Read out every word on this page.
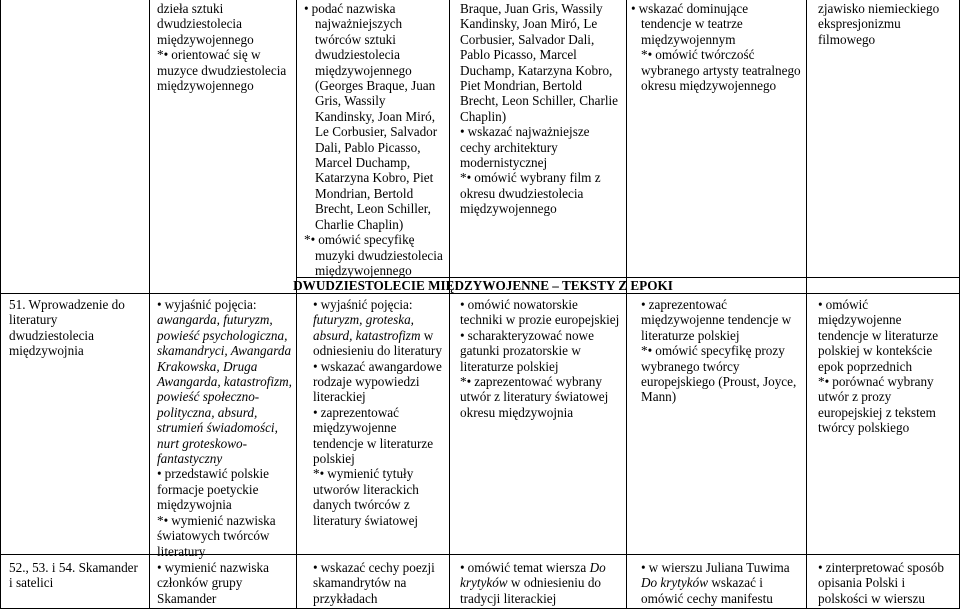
dzieła sztuki

dwudziestolecia

międzywojennego

*• orientować się w

muzyce dwudziestolecia

międzywojennego

• podać nazwiska

najważniejszych

twórców sztuki

dwudziestolecia

międzywojennego

(Georges Braque, Juan

Gris, Wassily

Kandinsky, Joan Miró,

Le Corbusier, Salvador

Dali, Pablo Picasso,

Marcel Duchamp,

Katarzyna Kobro, Piet

Mondrian, Bertold

Brecht, Leon Schiller,

Charlie Chaplin)

*• omówić specyfikę

muzyki dwudziestolecia

międzywojennego

Braque, Juan Gris, Wassily

Kandinsky, Joan Miró, Le

Corbusier, Salvador Dali,

Pablo Picasso, Marcel

Duchamp, Katarzyna Kobro,

Piet Mondrian, Bertold

Brecht, Leon Schiller, Charlie

Chaplin)

• wskazać najważniejsze

cechy architektury

modernistycznej

*• omówić wybrany film z

okresu dwudziestolecia

międzywojennego

• wskazać dominujące

tendencje w teatrze

międzywojennym

*• omówić twórczość

wybranego artysty teatralnego

okresu międzywojennego

zjawisko niemieckiego

ekspresjonizmu

filmowego

DWUDZIESTOLECIE MIĘDZYWOJENNE – TEKSTY Z EPOKI

51. Wprowadzenie do

literatury

dwudziestolecia

międzywojnia

• wyjaśnić pojęcia:

awangarda, futuryzm,

powieść psychologiczna,

skamandryci, Awangarda

Krakowska, Druga

Awangarda, katastrofizm,

powieść społeczno-

polityczna, absurd,

strumień świadomości,

nurt groteskowo-

fantastyczny

• przedstawić polskie

formacje poetyckie

międzywojnia

*• wymienić nazwiska

światowych twórców

literatury

• wyjaśnić pojęcia:

futuryzm, groteska,

absurd, katastrofizm w

odniesieniu do literatury

• wskazać awangardowe

rodzaje wypowiedzi

literackiej

• zaprezentować

międzywojenne

tendencje w literaturze

polskiej

*• wymienić tytuły

utworów literackich

danych twórców z

literatury światowej

• omówić nowatorskie

techniki w prozie europejskiej

• scharakteryzować nowe

gatunki prozatorskie w

literaturze polskiej

*• zaprezentować wybrany

utwór z literatury światowej

okresu międzywojnia

• zaprezentować

międzywojenne tendencje w

literaturze polskiej

*• omówić specyfikę prozy

wybranego twórcy

europejskiego (Proust, Joyce,

Mann)

• omówić

międzywojenne

tendencje w literaturze

polskiej w kontekście

epok poprzednich

*• porównać wybrany

utwór z prozy

europejskiej z tekstem

twórcy polskiego

52., 53. i 54. Skamander

i satelici

• wymienić nazwiska

członków grupy

Skamander

• wskazać cechy poezji

skamandrytów na

przykładach

• omówić temat wiersza Do

krytyków w odniesieniu do

tradycji literackiej

• w wierszu Juliana Tuwima

Do krytyków wskazać i

omówić cechy manifestu

• zinterpretować sposób

opisania Polski i

polskości w wierszu
